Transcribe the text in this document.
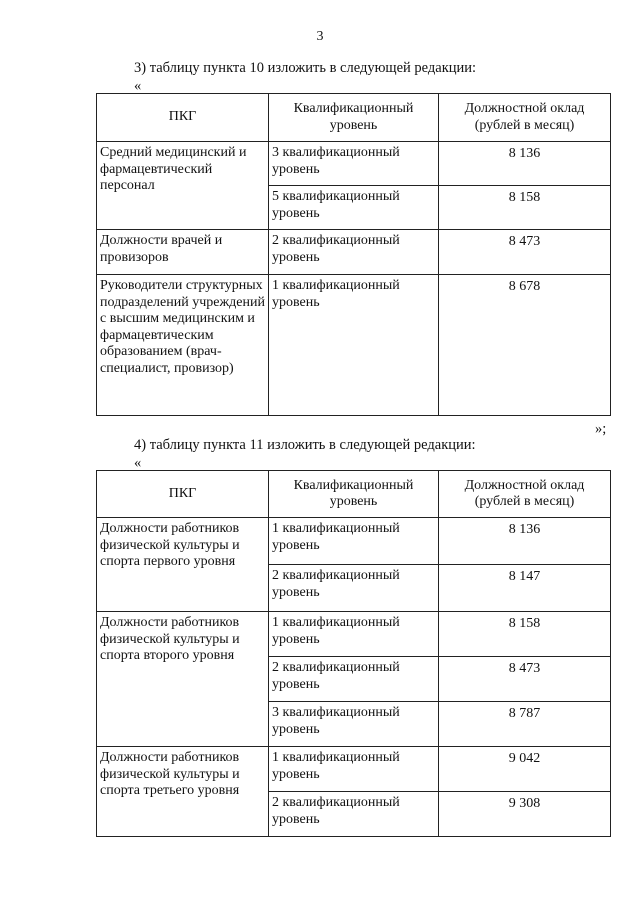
3
3) таблицу пункта 10 изложить в следующей редакции:
«
ПКГ	Квалификационный уровень	Должностной оклад (рублей в месяц)
Средний медицинский и фармацевтический персонал	3 квалификационный уровень	8 136
	5 квалификационный уровень	8 158
Должности врачей и провизоров	2 квалификационный уровень	8 473
Руководители структурных подразделений учреждений с высшим медицинским и фармацевтическим образованием (врач-специалист, провизор)	1 квалификационный уровень	8 678
»;
4) таблицу пункта 11 изложить в следующей редакции:
«
ПКГ	Квалификационный уровень	Должностной оклад (рублей в месяц)
Должности работников физической культуры и спорта первого уровня	1 квалификационный уровень	8 136
	2 квалификационный уровень	8 147
Должности работников физической культуры и спорта второго уровня	1 квалификационный уровень	8 158
	2 квалификационный уровень	8 473
	3 квалификационный уровень	8 787
Должности работников физической культуры и спорта третьего уровня	1 квалификационный уровень	9 042
	2 квалификационный уровень	9 308
